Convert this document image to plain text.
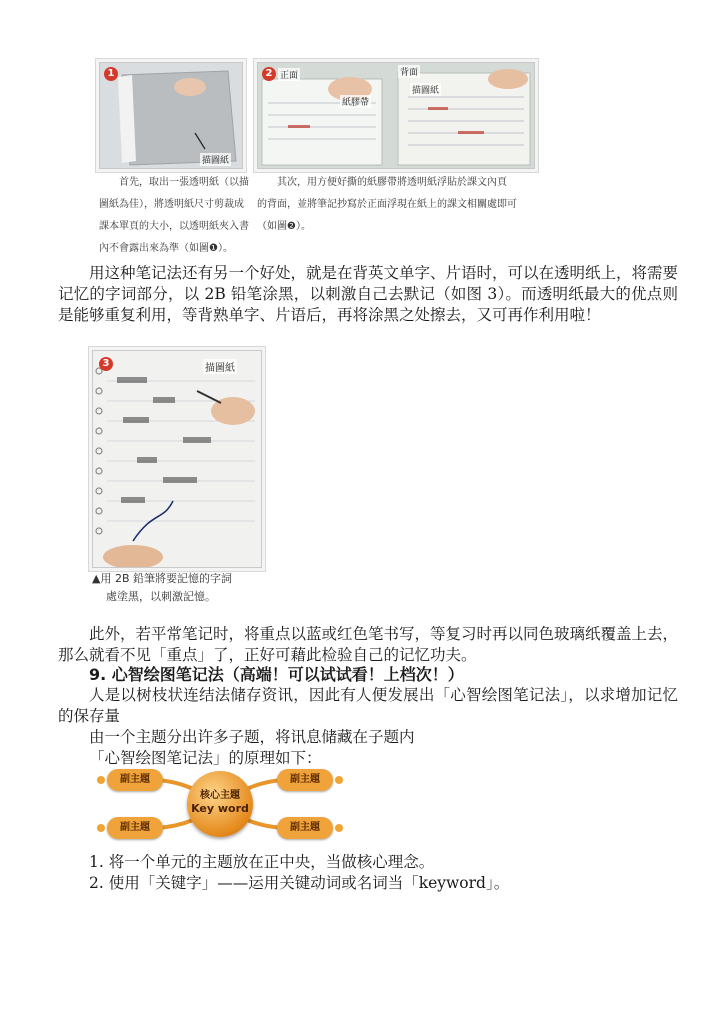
1
描圖紙
2 正面	背面
紙膠帶
描圖紙
首先，取出一張透明紙（以描
圖紙為佳），將透明紙尺寸剪裁成
課本單頁的大小，以透明紙夾入書
內不會露出來為準（如圖❶）。
其次，用方便好撕的紙膠帶將透明紙浮貼於課文內頁
的背面，並將筆記抄寫於正面浮現在紙上的課文相關處即可
（如圖❷）。

用这种笔记法还有另一个好处，就是在背英文单字、片语时，可以在透明纸上，将需要记忆的字词部分，以 2B 铅笔涂黑，以刺激自己去默记（如图 3）。而透明纸最大的优点则是能够重复利用，等背熟单字、片语后，再将涂黑之处擦去，又可再作利用啦！

3	描圖紙
▲用 2B 鉛筆將要記憶的字詞
處塗黑，以刺激記憶。

此外，若平常笔记时，将重点以蓝或红色笔书写，等复习时再以同色玻璃纸覆盖上去，那么就看不见「重点」了，正好可藉此检验自己的记忆功夫。

9. 心智绘图笔记法（高端！可以试试看！上档次！）

人是以树枝状连结法储存资讯，因此有人便发展出「心智绘图笔记法」，以求增加记忆的保存量

由一个主题分出许多子题，将讯息储藏在子题内
「心智绘图笔记法」的原理如下：
副主題
副主題
副主題
副主題
核心主題
Key word
1. 将一个单元的主题放在正中央，当做核心理念。
2. 使用「关键字」——运用关键动词或名词当「keyword」。
